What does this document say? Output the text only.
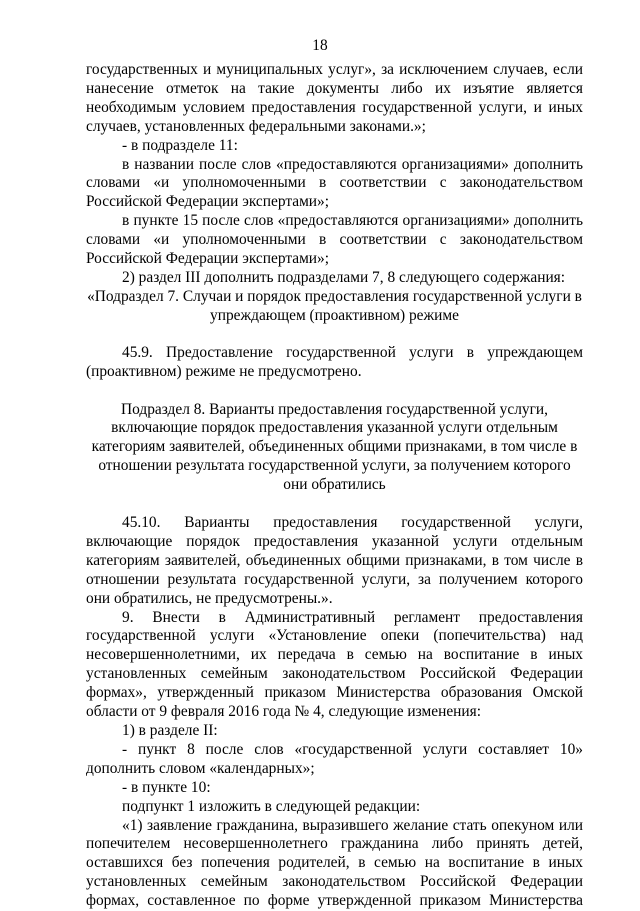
18

государственных и муниципальных услуг», за исключением случаев, если нанесение отметок на такие документы либо их изъятие является необходимым условием предоставления государственной услуги, и иных случаев, установленных федеральными законами.»;

- в подразделе 11:

в названии после слов «предоставляются организациями» дополнить словами «и уполномоченными в соответствии с законодательством Российской Федерации экспертами»;

в пункте 15 после слов «предоставляются организациями» дополнить словами «и уполномоченными в соответствии с законодательством Российской Федерации экспертами»;

2) раздел III дополнить подразделами 7, 8 следующего содержания:

«Подраздел 7. Случаи и порядок предоставления государственной услуги в упреждающем (проактивном) режиме

45.9. Предоставление государственной услуги в упреждающем (проактивном) режиме не предусмотрено.

Подраздел 8. Варианты предоставления государственной услуги, включающие порядок предоставления указанной услуги отдельным категориям заявителей, объединенных общими признаками, в том числе в отношении результата государственной услуги, за получением которого они обратились

45.10. Варианты предоставления государственной услуги, включающие порядок предоставления указанной услуги отдельным категориям заявителей, объединенных общими признаками, в том числе в отношении результата государственной услуги, за получением которого они обратились, не предусмотрены.».

9. Внести в Административный регламент предоставления государственной услуги «Установление опеки (попечительства) над несовершеннолетними, их передача в семью на воспитание в иных установленных семейным законодательством Российской Федерации формах», утвержденный приказом Министерства образования Омской области от 9 февраля 2016 года № 4, следующие изменения:

1) в разделе II:

- пункт 8 после слов «государственной услуги составляет 10» дополнить словом «календарных»;

- в пункте 10:

подпункт 1 изложить в следующей редакции:

«1) заявление гражданина, выразившего желание стать опекуном или попечителем несовершеннолетнего гражданина либо принять детей, оставшихся без попечения родителей, в семью на воспитание в иных установленных семейным законодательством Российской Федерации формах, составленное по форме утвержденной приказом Министерства
